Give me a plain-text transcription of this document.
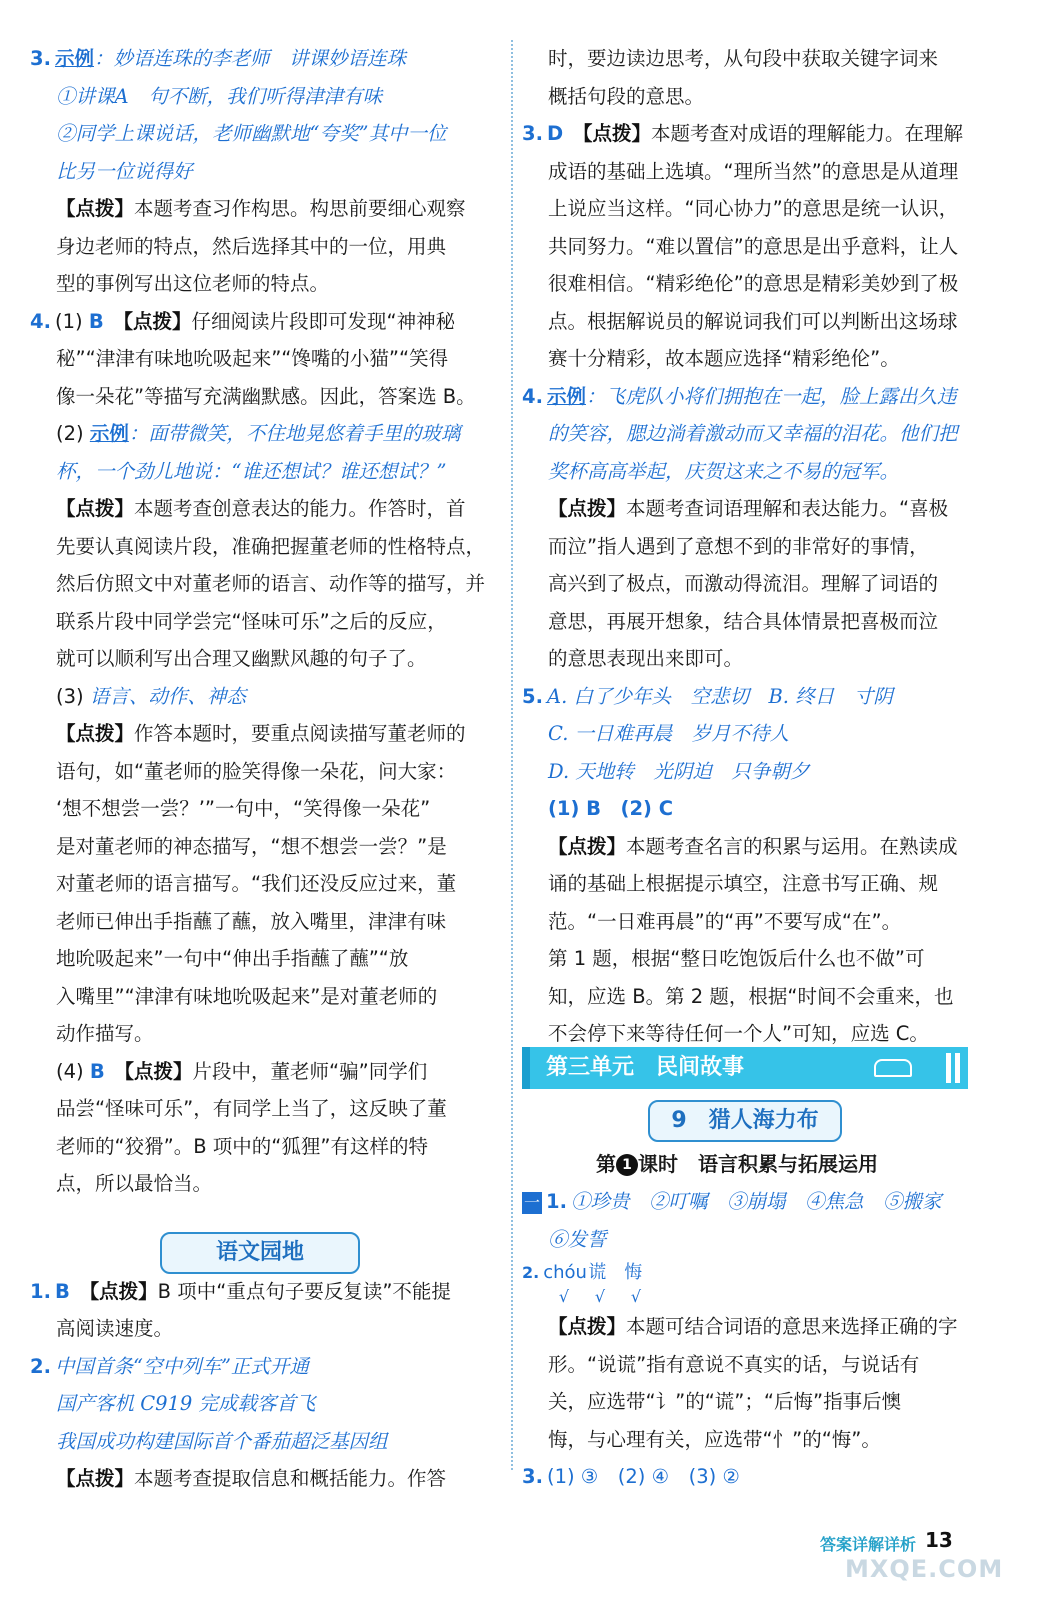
3. 示例：妙语连珠的李老师　讲课妙语连珠
①讲课A　句不断，我们听得津津有味
②同学上课说话，老师幽默地“夸奖”其中一位
比另一位说得好
【点拨】本题考查习作构思。构思前要细心观察
身边老师的特点，然后选择其中的一位，用典
型的事例写出这位老师的特点。
4. (1) B　 【点拨】仔细阅读片段即可发现“神神秘
秘”“津津有味地吮吸起来”“馋嘴的小猫”“笑得
像一朵花”等描写充满幽默感。因此，答案选 B。
(2) 示例：面带微笑，不住地晃悠着手里的玻璃
杯，一个劲儿地说：“谁还想试？谁还想试？”
【点拨】本题考查创意表达的能力。作答时，首
先要认真阅读片段，准确把握董老师的性格特点，
然后仿照文中对董老师的语言、动作等的描写，并
联系片段中同学尝完“怪味可乐”之后的反应，
就可以顺利写出合理又幽默风趣的句子了。
(3) 语言、动作、神态
【点拨】作答本题时，要重点阅读描写董老师的
语句，如“董老师的脸笑得像一朵花，问大家：
‘想不想尝一尝？’”一句中，“笑得像一朵花”
是对董老师的神态描写，“想不想尝一尝？”是
对董老师的语言描写。“我们还没反应过来，董
老师已伸出手指蘸了蘸，放入嘴里，津津有味
地吮吸起来”一句中“伸出手指蘸了蘸”“放
入嘴里”“津津有味地吮吸起来”是对董老师的
动作描写。
(4) B　 【点拨】片段中，董老师“骗”同学们
品尝“怪味可乐”，有同学上当了，这反映了董
老师的“狡猾”。B 项中的“狐狸”有这样的特
点，所以最恰当。
1. B　 【点拨】B 项中“重点句子要反复读”不能提
高阅读速度。
2. 中国首条“空中列车”正式开通
国产客机 C919 完成载客首飞
我国成功构建国际首个番茄超泛基因组
【点拨】本题考查提取信息和概括能力。作答
语文园地
时，要边读边思考，从句段中获取关键字词来
概括句段的意思。
3. D　 【点拨】本题考查对成语的理解能力。在理解
成语的基础上选填。“理所当然”的意思是从道理
上说应当这样。“同心协力”的意思是统一认识，
共同努力。“难以置信”的意思是出乎意料，让人
很难相信。“精彩绝伦”的意思是精彩美妙到了极
点。根据解说员的解说词我们可以判断出这场球
赛十分精彩，故本题应选择“精彩绝伦”。
4. 示例：飞虎队小将们拥抱在一起，脸上露出久违
的笑容，腮边淌着激动而又幸福的泪花。他们把
奖杯高高举起，庆贺这来之不易的冠军。
【点拨】本题考查词语理解和表达能力。“喜极
而泣”指人遇到了意想不到的非常好的事情，
高兴到了极点，而激动得流泪。理解了词语的
意思，再展开想象，结合具体情景把喜极而泣
的意思表现出来即可。
5. A. 白了少年头　空悲切　B. 终日　寸阴
C. 一日难再晨　岁月不待人
D. 天地转　光阴迫　只争朝夕
(1) B　(2) C
【点拨】本题考查名言的积累与运用。在熟读成
诵的基础上根据提示填空，注意书写正确、规
范。“一日难再晨”的“再”不要写成“在”。
第 1 题，根据“整日吃饱饭后什么也不做”可
知，应选 B。第 2 题，根据“时间不会重来，也
不会停下来等待任何一个人”可知，应选 C。
第三单元　民间故事
9　猎人海力布
第 1 课时　语言积累与拓展运用
一 1. ①珍贵　②叮嘱　③崩塌　④焦急　⑤搬家
⑥发誓
2. chóu谎 悔
√ √ √
【点拨】本题可结合词语的意思来选择正确的字
形。“说谎”指有意说不真实的话，与说话有
关，应选带“讠”的“谎”；“后悔”指事后懊
悔，与心理有关，应选带“忄”的“悔”。
3. (1) ③　(2) ④　(3) ②
答案详解详析 13
MXQE.COM
